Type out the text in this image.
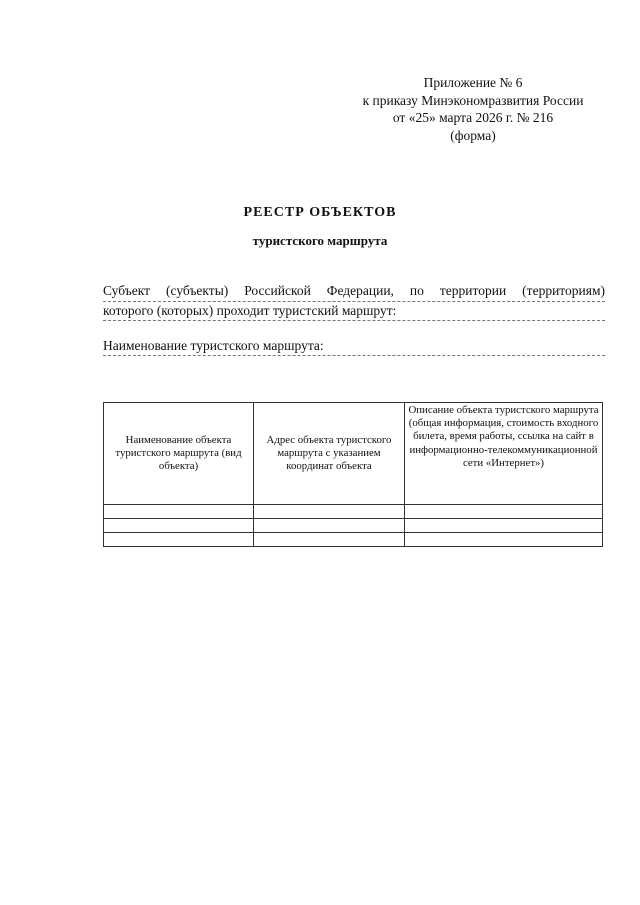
Приложение № 6
к приказу Минэкономразвития России
от «25» марта 2026 г. № 216
(форма)
РЕЕСТР ОБЪЕКТОВ
туристского маршрута
Субъект (субъекты) Российской Федерации, по территории (территориям)
которого (которых) проходит туристский маршрут:
Наименование туристского маршрута:
Наименование объекта туристского маршрута (вид объекта)	Адрес объекта туристского маршрута с указанием координат объекта	Описание объекта туристского маршрута (общая информация, стоимость входного билета, время работы, ссылка на сайт в информационно-телекоммуникационной сети «Интернет»)
